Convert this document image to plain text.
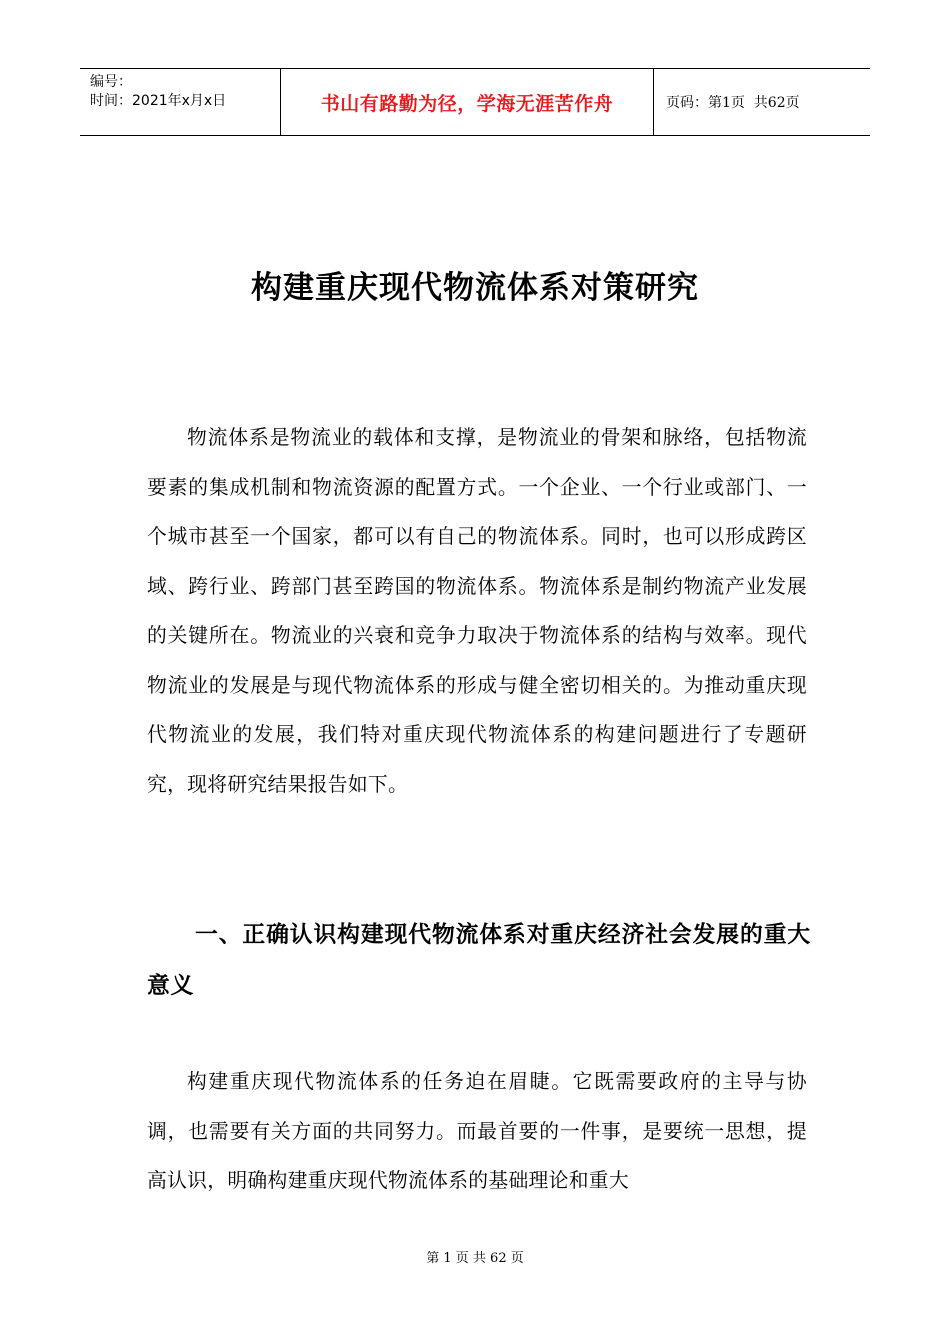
编号：
时间：2021年x月x日	书山有路勤为径，学海无涯苦作舟	页码：第1页  共62页
构建重庆现代物流体系对策研究

物流体系是物流业的载体和支撑，是物流业的骨架和脉络，包括物流要素的集成机制和物流资源的配置方式。一个企业、一个行业或部门、一个城市甚至一个国家，都可以有自己的物流体系。同时，也可以形成跨区域、跨行业、跨部门甚至跨国的物流体系。物流体系是制约物流产业发展的关键所在。物流业的兴衰和竞争力取决于物流体系的结构与效率。现代物流业的发展是与现代物流体系的形成与健全密切相关的。为推动重庆现代物流业的发展，我们特对重庆现代物流体系的构建问题进行了专题研究，现将研究结果报告如下。

一、正确认识构建现代物流体系对重庆经济社会发展的重大意义

构建重庆现代物流体系的任务迫在眉睫。它既需要政府的主导与协调，也需要有关方面的共同努力。而最首要的一件事，是要统一思想，提高认识，明确构建重庆现代物流体系的基础理论和重大

第 1 页 共 62 页
